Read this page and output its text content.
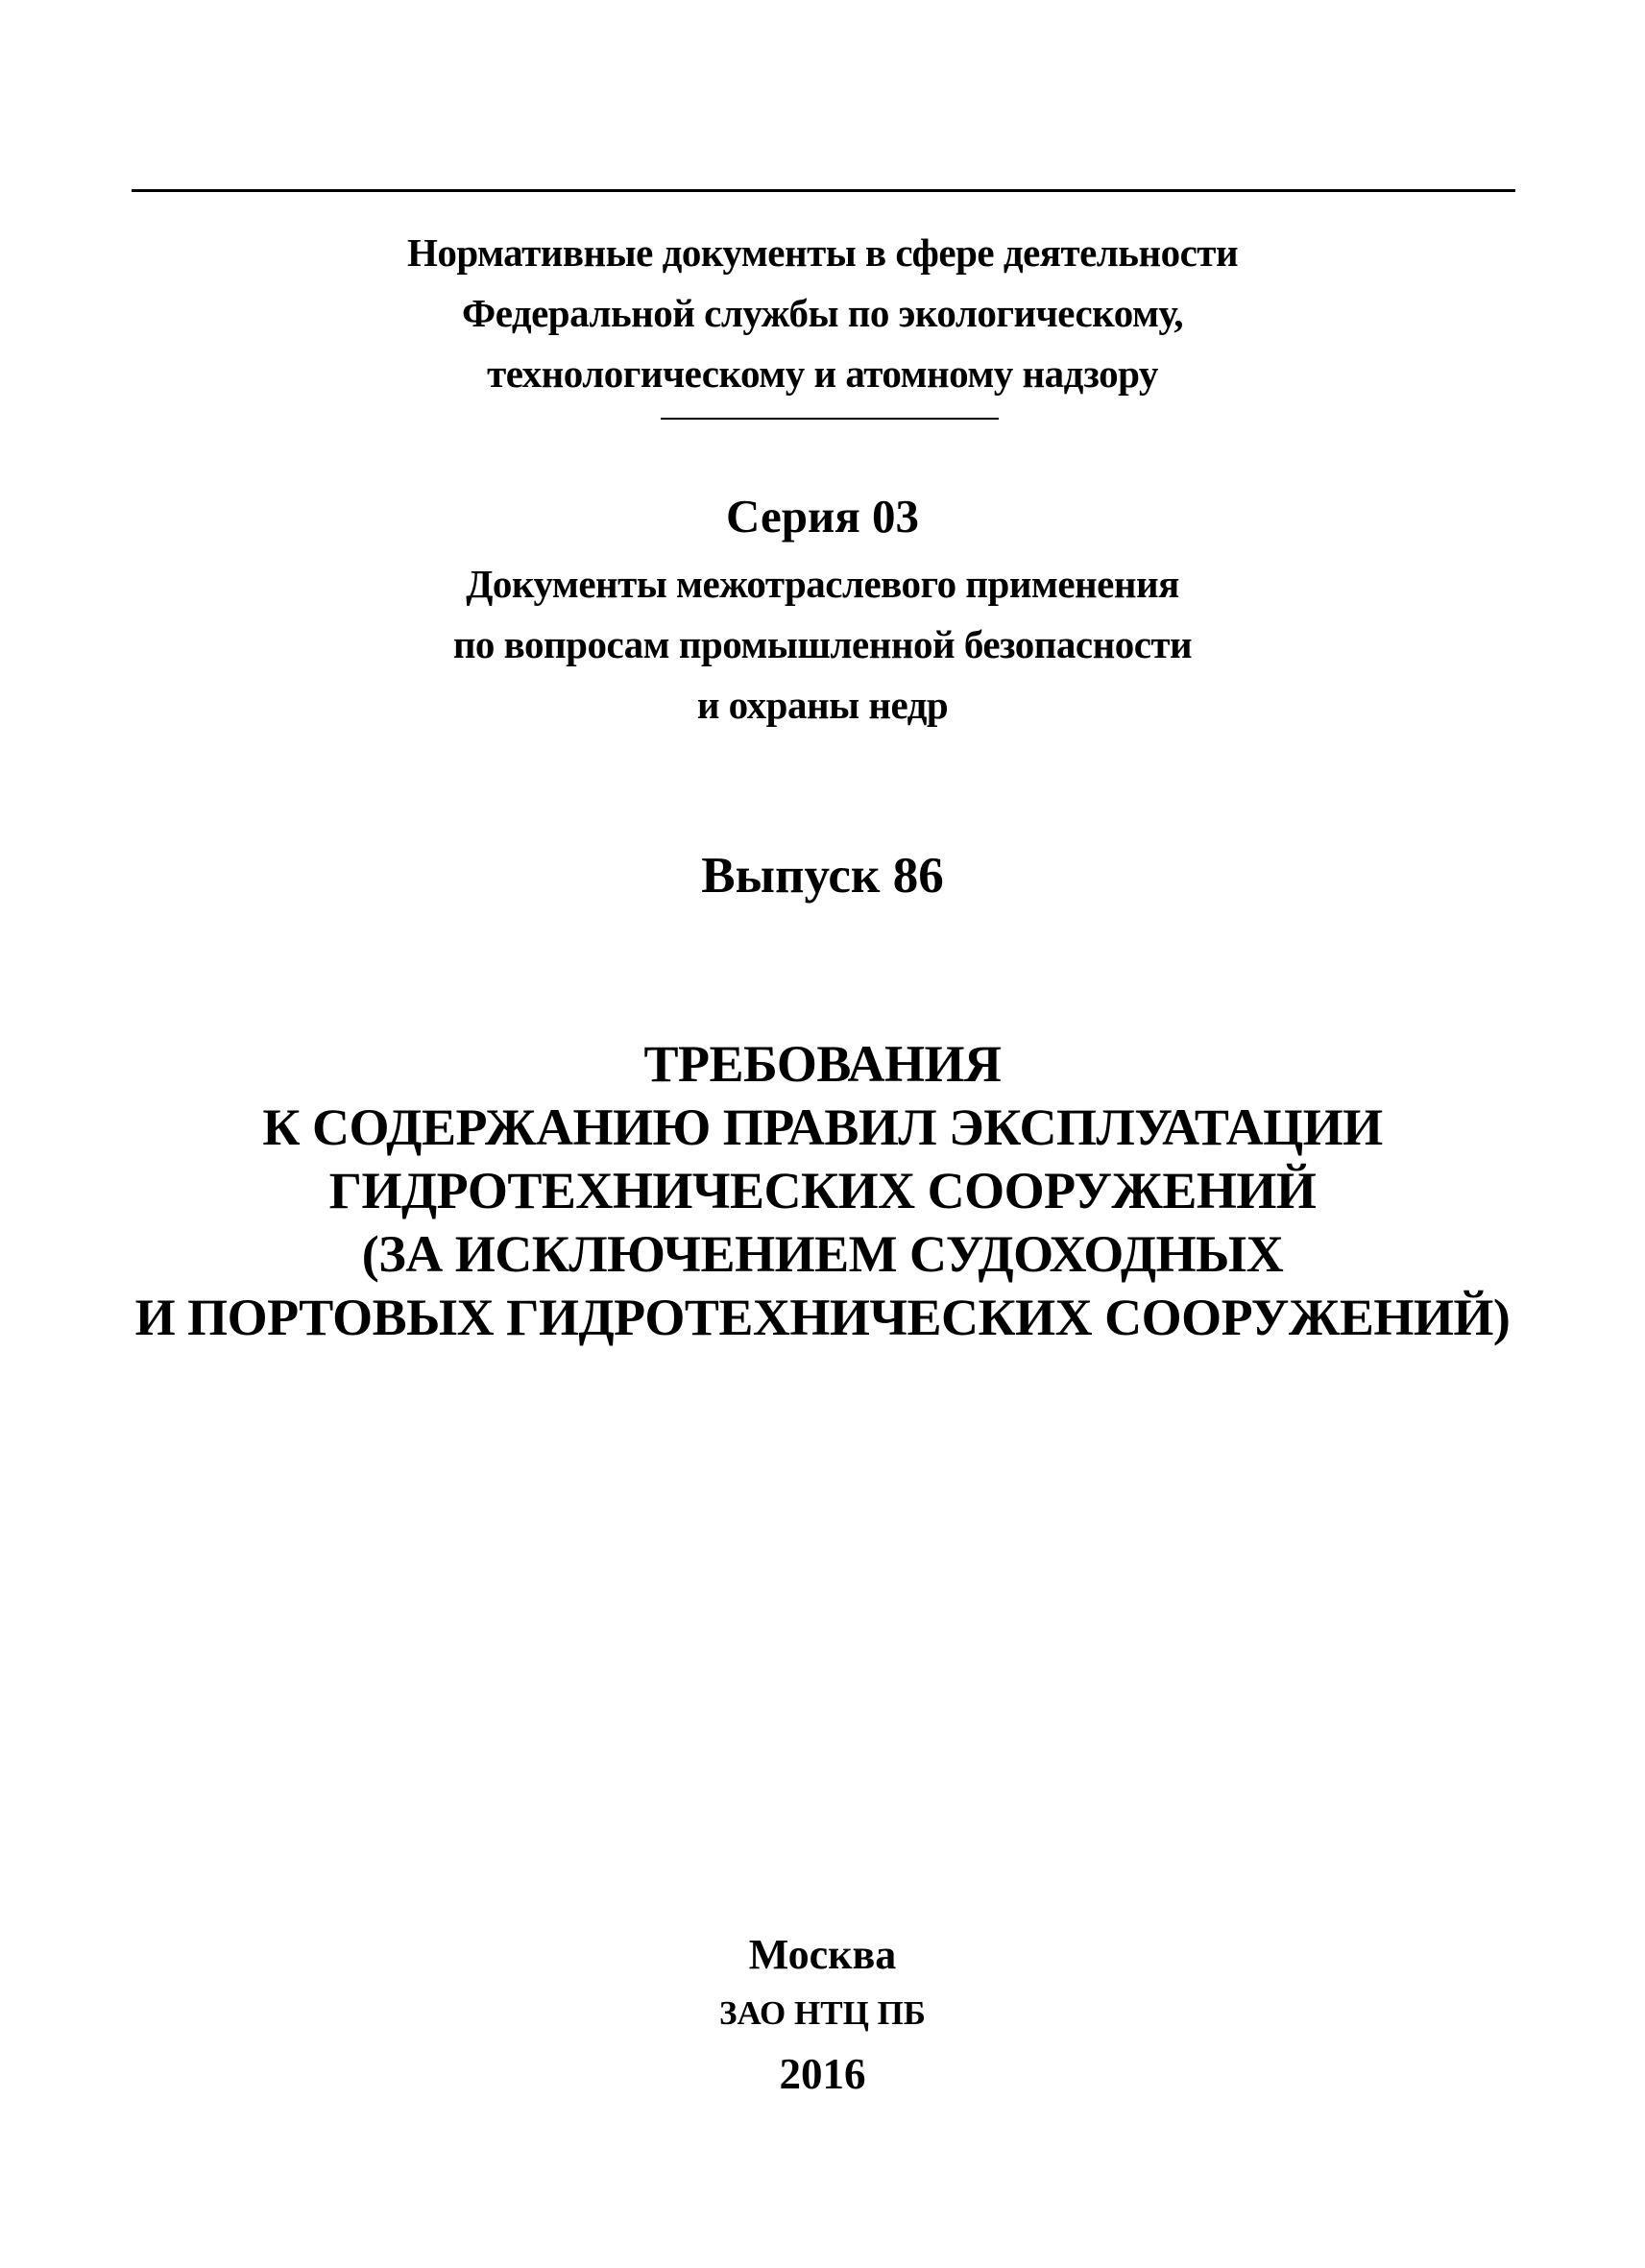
Нормативные документы в сфере деятельности
Федеральной службы по экологическому,
технологическому и атомному надзору
Серия 03
Документы межотраслевого применения
по вопросам промышленной безопасности
и охраны недр
Выпуск 86
ТРЕБОВАНИЯ
К СОДЕРЖАНИЮ ПРАВИЛ ЭКСПЛУАТАЦИИ
ГИДРОТЕХНИЧЕСКИХ СООРУЖЕНИЙ
(ЗА ИСКЛЮЧЕНИЕМ СУДОХОДНЫХ
И ПОРТОВЫХ ГИДРОТЕХНИЧЕСКИХ СООРУЖЕНИЙ)
Москва
ЗАО НТЦ ПБ
2016
